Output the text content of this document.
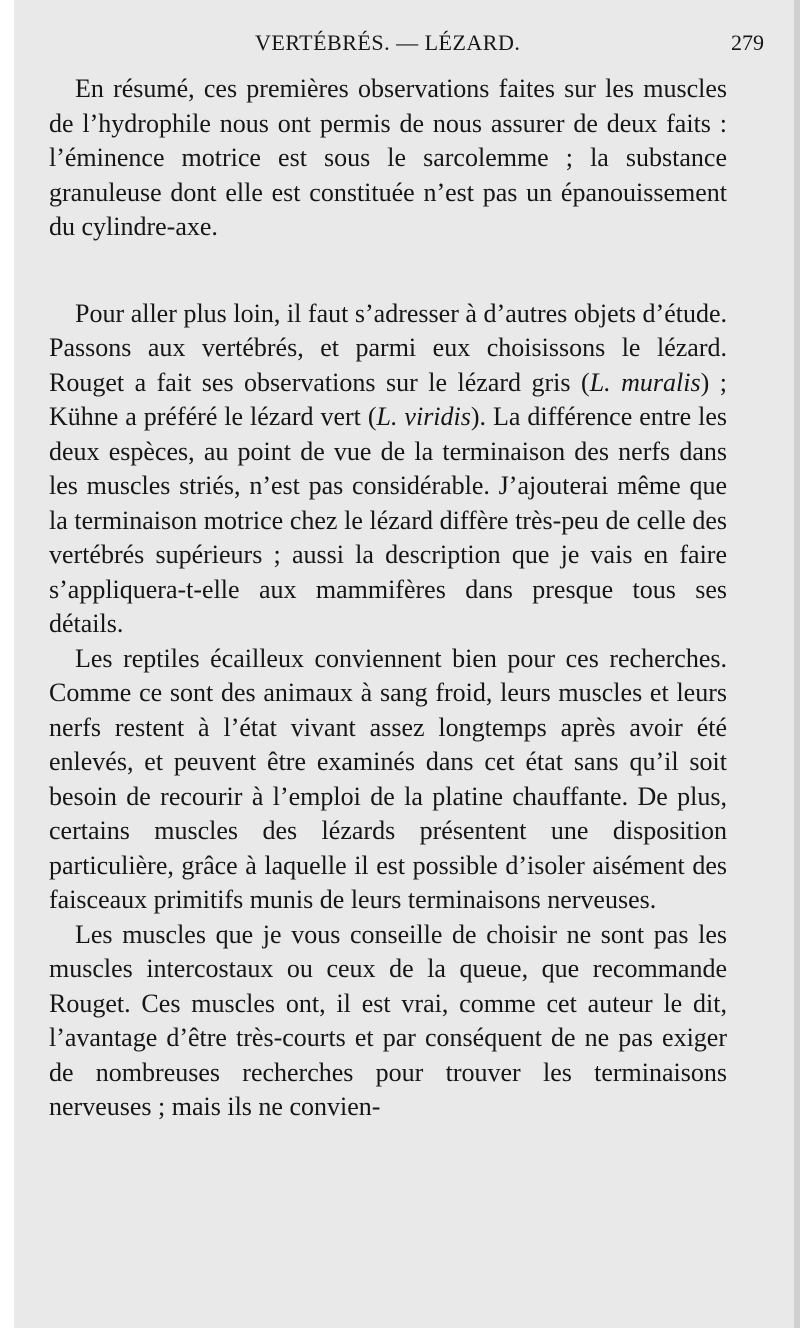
VERTÉBRÉS. — LÉZARD.	279

En résumé, ces premières observations faites sur les muscles de l’hydrophile nous ont permis de nous assurer de deux faits : l’éminence motrice est sous le sarcolemme ; la substance granuleuse dont elle est constituée n’est pas un épanouissement du cylindre-axe.

Pour aller plus loin, il faut s’adresser à d’autres objets d’étude. Passons aux vertébrés, et parmi eux choisissons le lézard. Rouget a fait ses observations sur le lézard gris (L. muralis) ; Kühne a préféré le lézard vert (L. viridis). La différence entre les deux espèces, au point de vue de la terminaison des nerfs dans les muscles striés, n’est pas considérable. J’ajouterai même que la terminaison motrice chez le lézard diffère très-peu de celle des vertébrés supérieurs ; aussi la description que je vais en faire s’appliquera-t-elle aux mammifères dans presque tous ses détails.

Les reptiles écailleux conviennent bien pour ces recherches. Comme ce sont des animaux à sang froid, leurs muscles et leurs nerfs restent à l’état vivant assez longtemps après avoir été enlevés, et peuvent être examinés dans cet état sans qu’il soit besoin de recourir à l’emploi de la platine chauffante. De plus, certains muscles des lézards présentent une disposition particulière, grâce à laquelle il est possible d’isoler aisément des faisceaux primitifs munis de leurs terminaisons nerveuses.

Les muscles que je vous conseille de choisir ne sont pas les muscles intercostaux ou ceux de la queue, que recommande Rouget. Ces muscles ont, il est vrai, comme cet auteur le dit, l’avantage d’être très-courts et par conséquent de ne pas exiger de nombreuses recherches pour trouver les terminaisons nerveuses ; mais ils ne convien-
